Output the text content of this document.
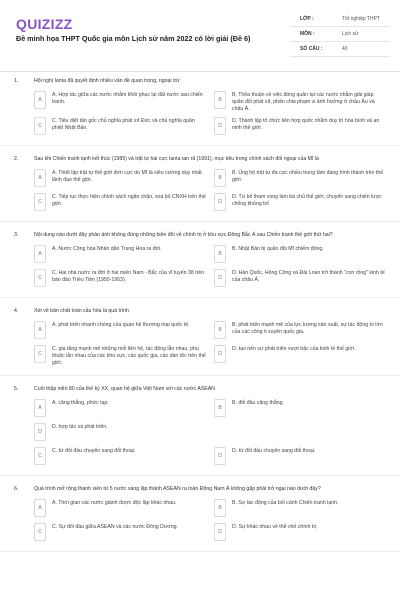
QUIZIZZ
Đề minh họa THPT Quốc gia môn Lịch sử năm 2022 có lời giải (Đề 6)
LỚP :	Tốt nghiệp THPT
MÔN :	Lịch sử
SỐ CÂU :	40
1.	Hội nghị Ianta đã quyết định nhiều vấn đề quan trọng, ngoại trừ
A
A. Hợp tác giữa các nước nhằm khôi phục lại đất nước sau chiến tranh.	B
B. Thỏa thuận về việc đóng quân tại các nước nhằm giải giáp quân đội phát xít, phân chia phạm vi ảnh hưởng ở châu Âu và châu Á.
C
C. Tiêu diệt tận gốc chủ nghĩa phát xít Đức và chủ nghĩa quân phiệt Nhật Bản.	D
D. Thành lập tổ chức liên hợp quốc nhằm duy trì hòa bình và an ninh thế giới.
2.	Sau khi Chiến tranh lạnh kết thúc (1989) và trật tự hai cực Ianta tan rã (1991), mục tiêu trong chính sách đối ngoại của Mĩ là
A
A. Thiết lập trật tự thế giới đơn cực do Mĩ là siêu cường duy nhất lãnh đạo thế giới.	B
B. Ủng hộ trật tự đa cực nhiều trung tâm đang hình thành trên thế giới.
C
C. Tiếp tục thực hiện chính sách ngăn chặn, xoá bỏ CNXH trên thế giới.	D
D. Từ bỏ tham vọng làm bá chủ thế giới, chuyển sang chiến lược chống khủng bố
3.	Nội dung nào dưới đây phản ánh không đúng những biến đổi về chính trị ở khu vực Đông Bắc Á sau Chiến tranh thế giới thứ hai?
A
A. Nước Cộng hòa Nhân dân Trung Hoa ra đời.
B
B. Nhật Bản bị quân đội Mĩ chiếm đóng.
C
C. Hai nhà nước ra đời ở hai miền Nam - Bắc của vĩ tuyến 38 trên bán đảo Triều Tiên (1950-1953).	D
D. Hàn Quốc, Hồng Công và Đài Loan trở thành "con rồng" kinh tế của châu Á.
4.	Xét về bản chất toàn cầu hóa là quá trình
A
A. phát triển nhanh chóng của quan hệ thương mại quốc tế.
B
B. phát triển mạnh mẽ của lực lượng sản xuất, sự tác động to lớn của các công ti xuyên quốc gia.
C
C. gia tăng mạnh mẽ những mối liên hệ, tác động lẫn nhau, phụ thuộc lẫn nhau của các khu vực, các quốc gia, các dân tộc trên thế giới.
D
D. tạo nên sự phát triển vượt bậc của kinh tế thế giới.
5.	Cuối thập niên 80 của thế kỷ XX, quan hệ giữa Việt Nam với các nước ASEAN
A
A. căng thẳng, phức tạp.
B
B. đối đầu căng thẳng.
D
D. hợp tác và phát triển.
C
C. từ đối đầu chuyển sang đối thoại.
D
D. từ đối đầu chuyển sang đối thoại.
6.	Quá trình mở rộng thành viên từ 5 nước sáng lập thành ASEAN ra toàn Đông Nam Á không gặp phải trở ngại nào dưới đây?
A
A. Thời gian các nước giành được độc lập khác nhau.
B
B. Sự tác động của bối cảnh Chiến tranh lạnh.
C
C. Sự đối đầu giữa ASEAN và các nước Đông Dương.
D
D. Sự khác nhau về thể chế chính trị.
